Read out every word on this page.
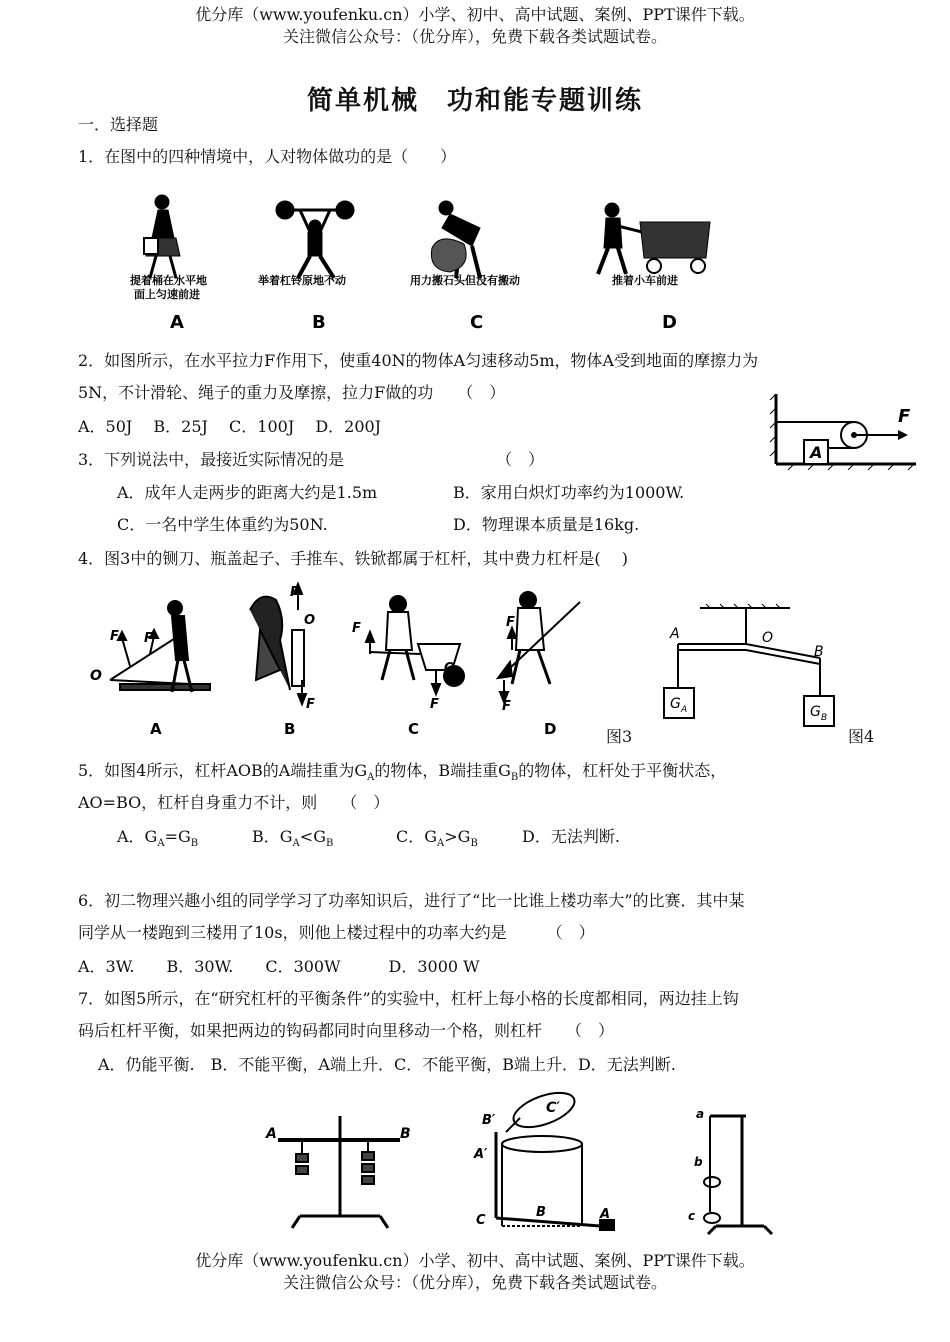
优分库（www.youfenku.cn）小学、初中、高中试题、案例、PPT课件下载。
关注微信公众号：（优分库），免费下载各类试题试卷。
简单机械　功和能专题训练
一．选择题
1．在图中的四种情境中，人对物体做功的是（　　）
提着桶在水平地
面上匀速前进
举着杠铃原地不动	用力搬石头但没有搬动	推着小车前进
A	B	C	D
2．如图所示，在水平拉力F作用下，使重40N的物体A匀速移动5m，物体A受到地面的摩擦力为
5N，不计滑轮、绳子的重力及摩擦，拉力F做的功　　（　）
A．50J　 B．25J　 C．100J　 D．200J
A
F
3．下列说法中，最接近实际情况的是　　　　　　　　　　（　）
A．成年人走两步的距离大约是1.5m	B．家用白炽灯功率约为1000W.
C．一名中学生体重约为50N.	D．物理课本质量是16kg.
4．图3中的铡刀、瓶盖起子、手推车、铁锨都属于杠杆，其中费力杠杆是(　 )
F F
O
F
O
F
F
O
F
F
F
A	O
B
G A	G B
A	B	C	D	图3	图4
5．如图4所示，杠杆AOB的A端挂重为$G_A$的物体，B端挂重$G_B$的物体，杠杆处于平衡状态，
AO=BO，杠杆自身重力不计，则　　（　）
A．$G_A=G_B$	B．$G_A<G_B$	C．$G_A>G_B$	D．无法判断.
6．初二物理兴趣小组的同学学习了功率知识后，进行了“比一比谁上楼功率大”的比赛．其中某
同学从一楼跑到三楼用了10s，则他上楼过程中的功率大约是　　　（　）
A．3W.　　B．30W.　　C．300W　　　D．3000 W
7．如图5所示，在“研究杠杆的平衡条件”的实验中，杠杆上每小格的长度都相同，两边挂上钩
码后杠杆平衡，如果把两边的钩码都同时向里移动一个格，则杠杆　　（　）
A．仍能平衡.　B．不能平衡，A端上升．C．不能平衡，B端上升．D．无法判断.
A	B
C′
B′
A′
C
B	A
a
b
c
优分库（www.youfenku.cn）小学、初中、高中试题、案例、PPT课件下载。
关注微信公众号：（优分库），免费下载各类试题试卷。
